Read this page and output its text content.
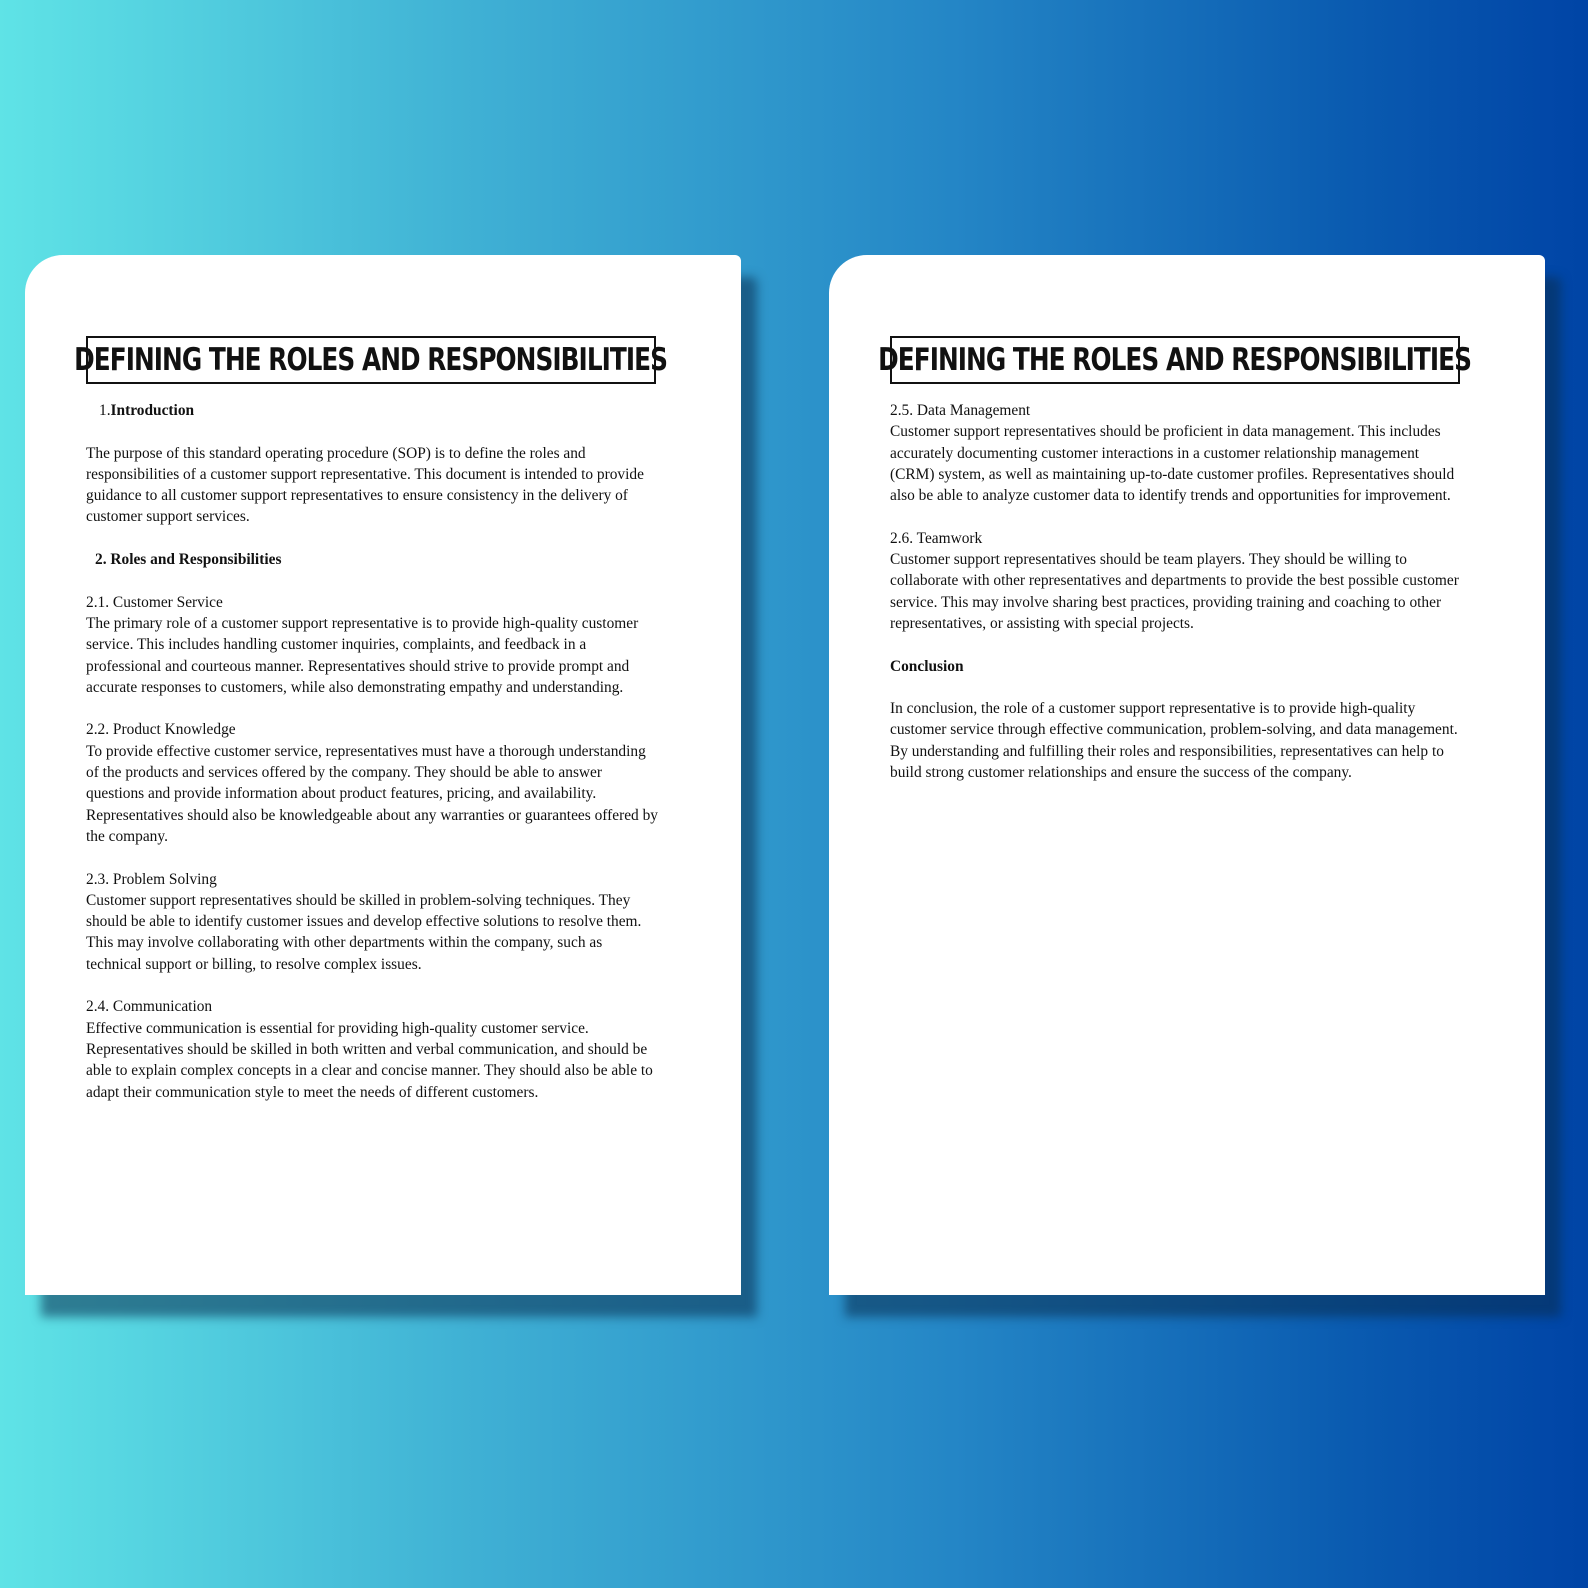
DEFINING THE ROLES AND RESPONSIBILITIES

1.Introduction

The purpose of this standard operating procedure (SOP) is to define the roles and responsibilities of a customer support representative. This document is intended to provide guidance to all customer support representatives to ensure consistency in the delivery of customer support services.

2. Roles and Responsibilities

2.1. Customer Service
The primary role of a customer support representative is to provide high-quality customer service. This includes handling customer inquiries, complaints, and feedback in a professional and courteous manner. Representatives should strive to provide prompt and accurate responses to customers, while also demonstrating empathy and understanding.

2.2. Product Knowledge
To provide effective customer service, representatives must have a thorough understanding of the products and services offered by the company. They should be able to answer questions and provide information about product features, pricing, and availability. Representatives should also be knowledgeable about any warranties or guarantees offered by the company.

2.3. Problem Solving
Customer support representatives should be skilled in problem-solving techniques. They should be able to identify customer issues and develop effective solutions to resolve them. This may involve collaborating with other departments within the company, such as technical support or billing, to resolve complex issues.

2.4. Communication
Effective communication is essential for providing high-quality customer service. Representatives should be skilled in both written and verbal communication, and should be able to explain complex concepts in a clear and concise manner. They should also be able to adapt their communication style to meet the needs of different customers.

DEFINING THE ROLES AND RESPONSIBILITIES

2.5. Data Management
Customer support representatives should be proficient in data management. This includes accurately documenting customer interactions in a customer relationship management (CRM) system, as well as maintaining up-to-date customer profiles. Representatives should also be able to analyze customer data to identify trends and opportunities for improvement.

2.6. Teamwork
Customer support representatives should be team players. They should be willing to collaborate with other representatives and departments to provide the best possible customer service. This may involve sharing best practices, providing training and coaching to other representatives, or assisting with special projects.

Conclusion

In conclusion, the role of a customer support representative is to provide high-quality customer service through effective communication, problem-solving, and data management. By understanding and fulfilling their roles and responsibilities, representatives can help to build strong customer relationships and ensure the success of the company.
